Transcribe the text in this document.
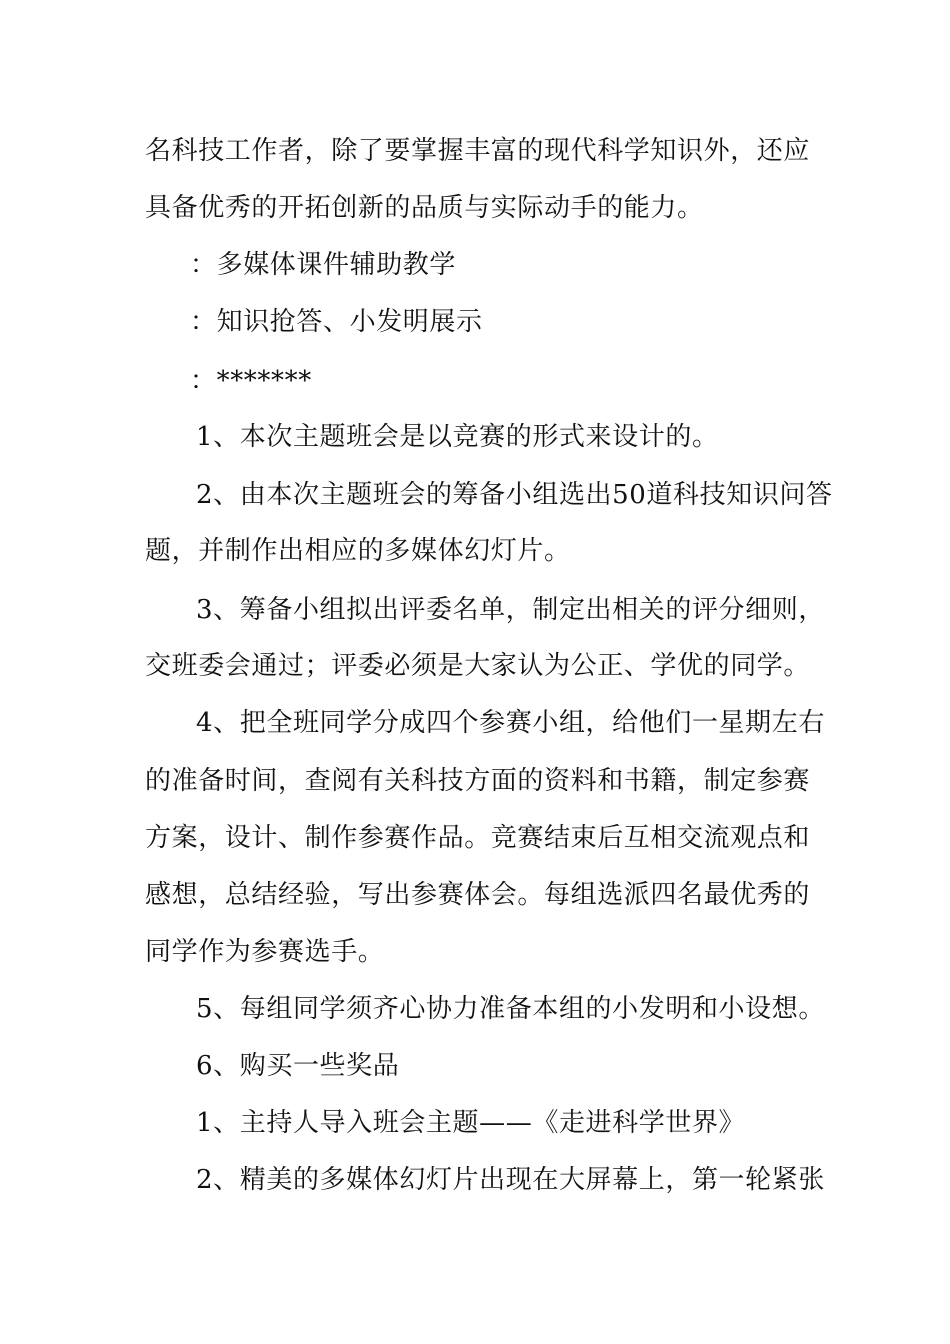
名科技工作者，除了要掌握丰富的现代科学知识外，还应
具备优秀的开拓创新的品质与实际动手的能力。
：多媒体课件辅助教学
：知识抢答、小发明展示
：*******
1、本次主题班会是以竞赛的形式来设计的。
2、由本次主题班会的筹备小组选出50道科技知识问答
题，并制作出相应的多媒体幻灯片。
3、筹备小组拟出评委名单，制定出相关的评分细则，
交班委会通过；评委必须是大家认为公正、学优的同学。
4、把全班同学分成四个参赛小组，给他们一星期左右
的准备时间，查阅有关科技方面的资料和书籍，制定参赛
方案，设计、制作参赛作品。竞赛结束后互相交流观点和
感想，总结经验，写出参赛体会。每组选派四名最优秀的
同学作为参赛选手。
5、每组同学须齐心协力准备本组的小发明和小设想。
6、购买一些奖品
1、主持人导入班会主题——《走进科学世界》
2、精美的多媒体幻灯片出现在大屏幕上，第一轮紧张
